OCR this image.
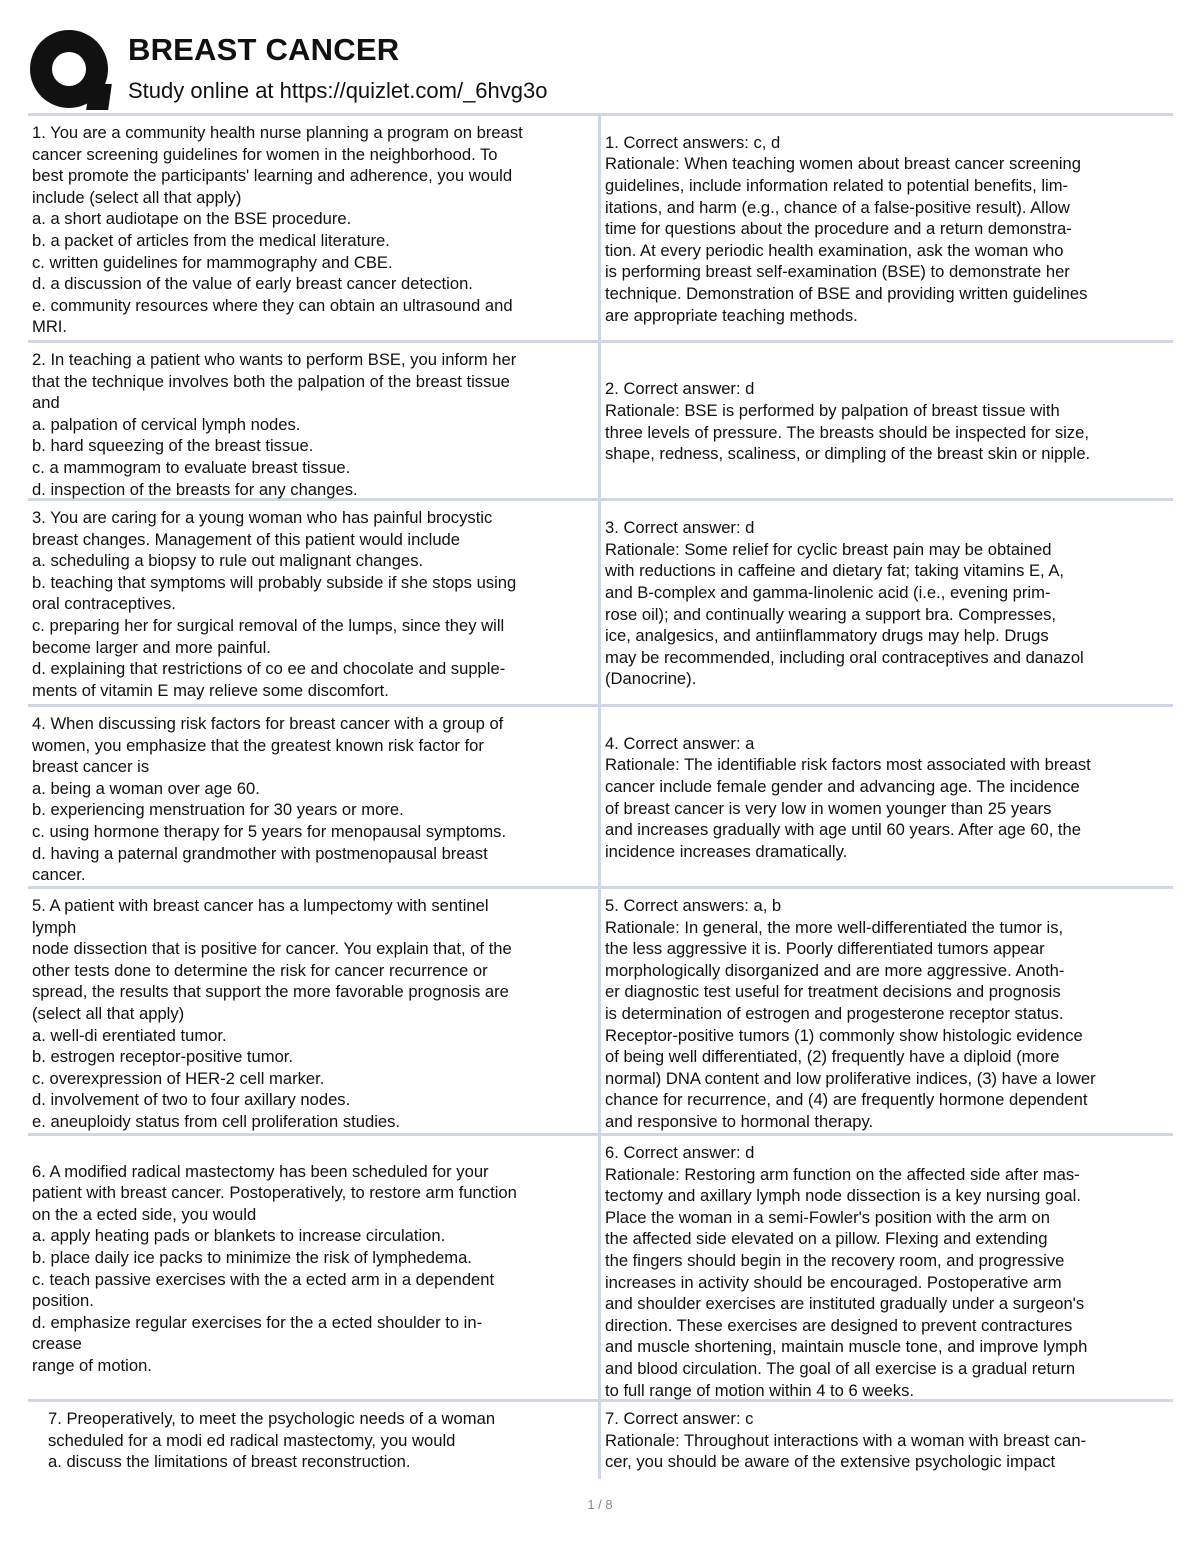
BREAST CANCER
Study online at https://quizlet.com/_6hvg3o
1. You are a community health nurse planning a program on breast
cancer screening guidelines for women in the neighborhood. To
best promote the participants' learning and adherence, you would
include (select all that apply)
a. a short audiotape on the BSE procedure.
b. a packet of articles from the medical literature.
c. written guidelines for mammography and CBE.
d. a discussion of the value of early breast cancer detection.
e. community resources where they can obtain an ultrasound and
MRI.
1. Correct answers: c, d
Rationale: When teaching women about breast cancer screening
guidelines, include information related to potential benefits, lim-
itations, and harm (e.g., chance of a false-positive result). Allow
time for questions about the procedure and a return demonstra-
tion. At every periodic health examination, ask the woman who
is performing breast self-examination (BSE) to demonstrate her
technique. Demonstration of BSE and providing written guidelines
are appropriate teaching methods.
2. In teaching a patient who wants to perform BSE, you inform her
that the technique involves both the palpation of the breast tissue
and
a. palpation of cervical lymph nodes.
b. hard squeezing of the breast tissue.
c. a mammogram to evaluate breast tissue.
d. inspection of the breasts for any changes.
2. Correct answer: d
Rationale: BSE is performed by palpation of breast tissue with
three levels of pressure. The breasts should be inspected for size,
shape, redness, scaliness, or dimpling of the breast skin or nipple.
3. You are caring for a young woman who has painful brocystic
breast changes. Management of this patient would include
a. scheduling a biopsy to rule out malignant changes.
b. teaching that symptoms will probably subside if she stops using
oral contraceptives.
c. preparing her for surgical removal of the lumps, since they will
become larger and more painful.
d. explaining that restrictions of co ee and chocolate and supple-
ments of vitamin E may relieve some discomfort.
3. Correct answer: d
Rationale: Some relief for cyclic breast pain may be obtained
with reductions in caffeine and dietary fat; taking vitamins E, A,
and B-complex and gamma-linolenic acid (i.e., evening prim-
rose oil); and continually wearing a support bra. Compresses,
ice, analgesics, and antiinflammatory drugs may help. Drugs
may be recommended, including oral contraceptives and danazol
(Danocrine).
4. When discussing risk factors for breast cancer with a group of
women, you emphasize that the greatest known risk factor for
breast cancer is
a. being a woman over age 60.
b. experiencing menstruation for 30 years or more.
c. using hormone therapy for 5 years for menopausal symptoms.
d. having a paternal grandmother with postmenopausal breast
cancer.
4. Correct answer: a
Rationale: The identifiable risk factors most associated with breast
cancer include female gender and advancing age. The incidence
of breast cancer is very low in women younger than 25 years
and increases gradually with age until 60 years. After age 60, the
incidence increases dramatically.
5. A patient with breast cancer has a lumpectomy with sentinel
lymph
node dissection that is positive for cancer. You explain that, of the
other tests done to determine the risk for cancer recurrence or
spread, the results that support the more favorable prognosis are
(select all that apply)
a. well-di erentiated tumor.
b. estrogen receptor-positive tumor.
c. overexpression of HER-2 cell marker.
d. involvement of two to four axillary nodes.
e. aneuploidy status from cell proliferation studies.
5. Correct answers: a, b
Rationale: In general, the more well-differentiated the tumor is,
the less aggressive it is. Poorly differentiated tumors appear
morphologically disorganized and are more aggressive. Anoth-
er diagnostic test useful for treatment decisions and prognosis
is determination of estrogen and progesterone receptor status.
Receptor-positive tumors (1) commonly show histologic evidence
of being well differentiated, (2) frequently have a diploid (more
normal) DNA content and low proliferative indices, (3) have a lower
chance for recurrence, and (4) are frequently hormone dependent
and responsive to hormonal therapy.
6. A modified radical mastectomy has been scheduled for your
patient with breast cancer. Postoperatively, to restore arm function
on the a ected side, you would
a. apply heating pads or blankets to increase circulation.
b. place daily ice packs to minimize the risk of lymphedema.
c. teach passive exercises with the a ected arm in a dependent
position.
d. emphasize regular exercises for the a ected shoulder to in-
crease
range of motion.
6. Correct answer: d
Rationale: Restoring arm function on the affected side after mas-
tectomy and axillary lymph node dissection is a key nursing goal.
Place the woman in a semi-Fowler's position with the arm on
the affected side elevated on a pillow. Flexing and extending
the fingers should begin in the recovery room, and progressive
increases in activity should be encouraged. Postoperative arm
and shoulder exercises are instituted gradually under a surgeon's
direction. These exercises are designed to prevent contractures
and muscle shortening, maintain muscle tone, and improve lymph
and blood circulation. The goal of all exercise is a gradual return
to full range of motion within 4 to 6 weeks.
7. Preoperatively, to meet the psychologic needs of a woman
scheduled for a modi ed radical mastectomy, you would
a. discuss the limitations of breast reconstruction.
7. Correct answer: c
Rationale: Throughout interactions with a woman with breast can-
cer, you should be aware of the extensive psychologic impact
1 / 8
